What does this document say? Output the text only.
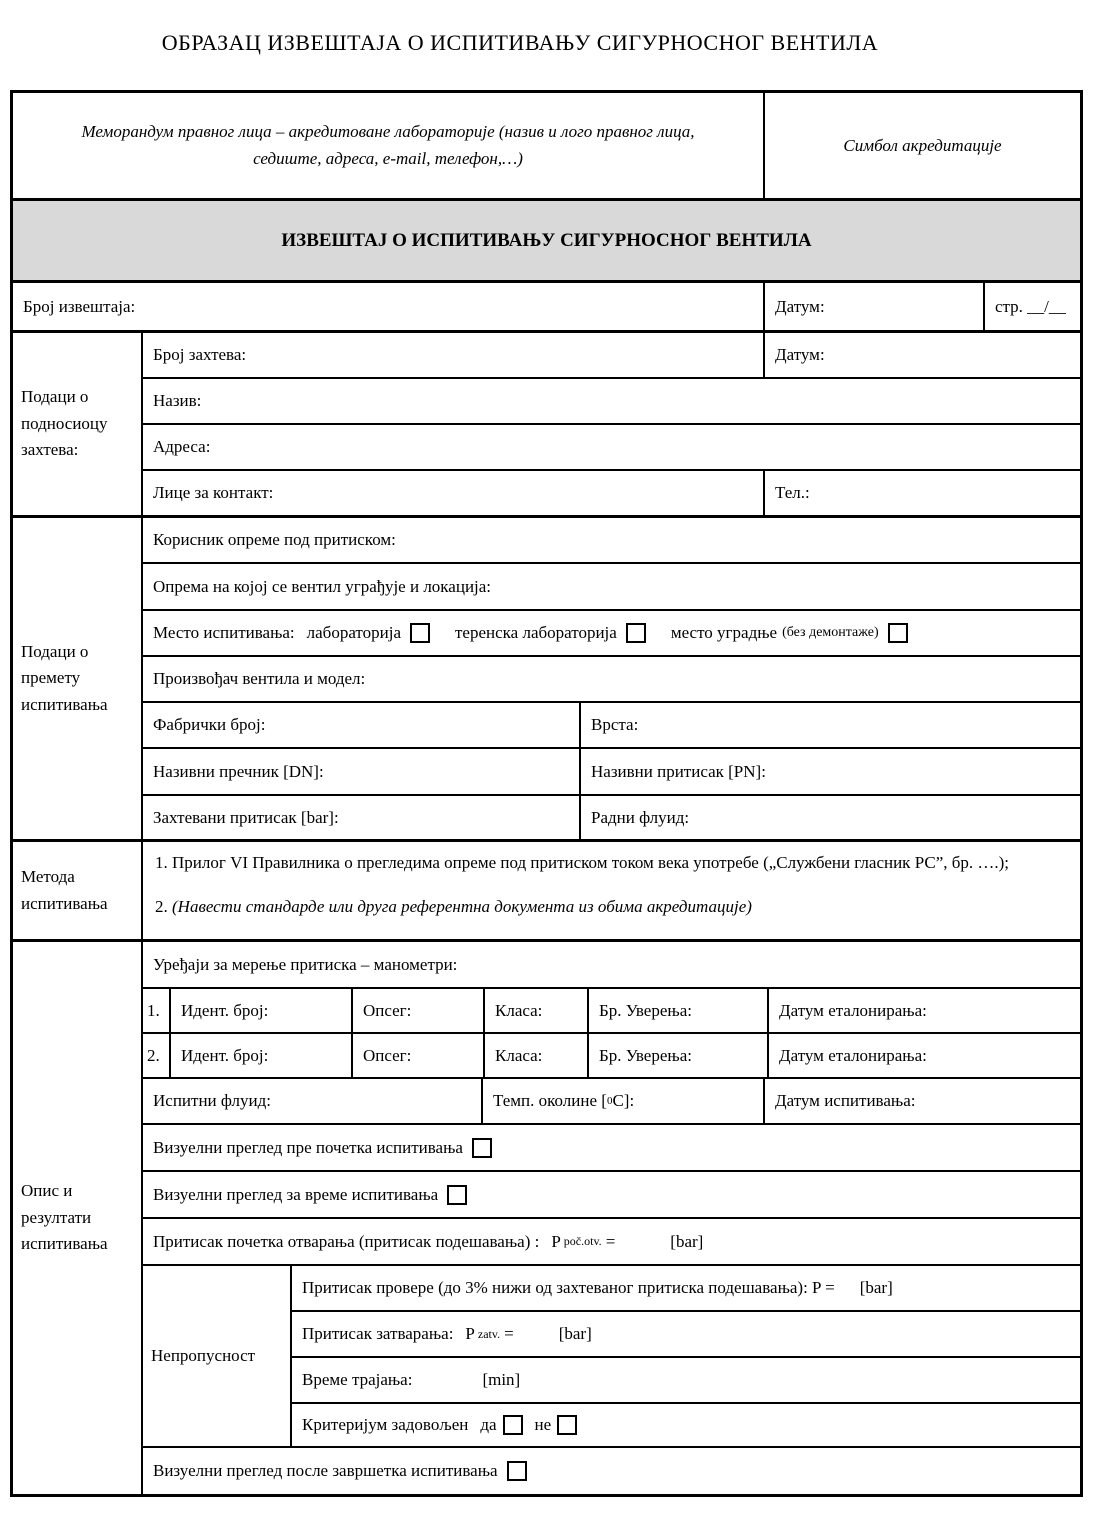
ОБРАЗАЦ ИЗВЕШТАЈА О ИСПИТИВАЊУ СИГУРНОСНОГ ВЕНТИЛА
Меморандум правног лица – акредитоване лабораторије (назив и лого правног лица, седиште, адреса, e-mail, телефон,…)
Симбол акредитације
ИЗВЕШТАЈ О ИСПИТИВАЊУ СИГУРНОСНОГ ВЕНТИЛА
Број извештаја:	Датум:	стр. __/__
Подаци о подносиоцу захтева:
Број захтева:	Датум:
Назив:
Адреса:
Лице за контакт:	Тел.:
Подаци о премету испитивања
Корисник опреме под притиском:
Опрема на којој се вентил уграђује и локација:
Место испитивања: лабораторија	теренска лабораторија	место уградње (без демонтаже)
Произвођач вентила и модел:
Фабрички број:	Врста:
Називни пречник [DN]:	Називни притисак [PN]:
Захтевани притисак [bar]:	Радни флуид:
Метода испитивања
1. Прилог VI Правилника о прегледима опреме под притиском током века употребе („Службени гласник РС”, бр. ….);
2. (Навести стандарде или друга референтна документа из обима акредитације)
Опис и резултати испитивања
Уређаји за мерење притиска – манометри:
1.	Идент. број:	Опсег:	Класа:	Бр. Уверења:	Датум еталонирања:
2.	Идент. број:	Опсег:	Класа:	Бр. Уверења:	Датум еталонирања:
Испитни флуид:	Темп. околине [ 0 C]:	Датум испитивања:
Визуелни преглед пре почетка испитивања
Визуелни преглед за време испитивања
Притисак почетка отварања (притисак подешавања) : P poč.otv. =	[bar]
Непропусност
Притисак провере (до 3% нижи од захтеваног притиска подешавања): P = [bar]
Притисак затварања: P zatv. =	[bar]
Време трајања:	[min]
Критеријум задовољен да не
Визуелни преглед после завршетка испитивања
